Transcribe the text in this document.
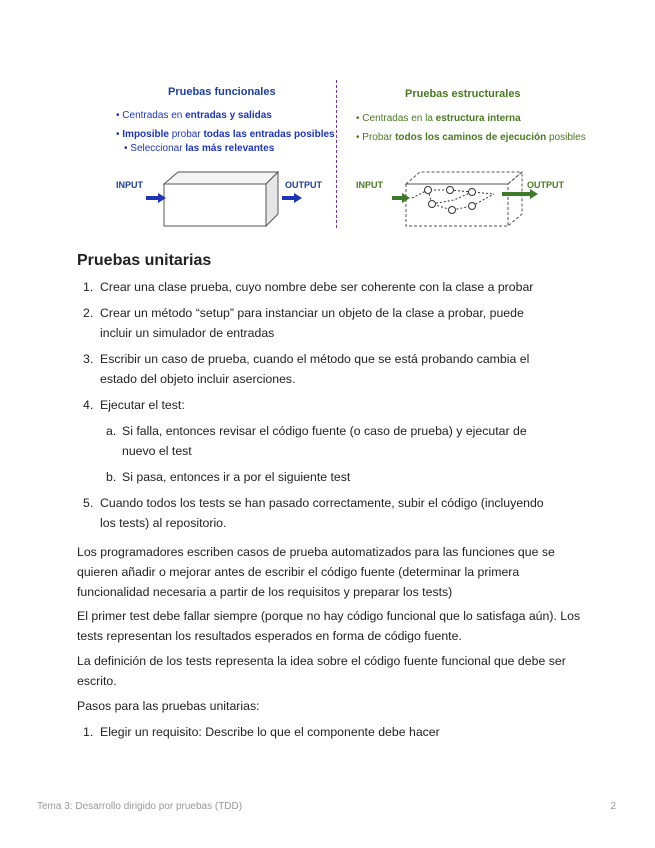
Pruebas funcionales
• Centradas en entradas y salidas
• Imposible probar todas las entradas posibles
• Seleccionar las más relevantes
INPUT	OUTPUT
Pruebas estructurales
• Centradas en la estructura interna
• Probar todos los caminos de ejecución posibles
INPUT	OUTPUT
Pruebas unitarias
1. Crear una clase prueba, cuyo nombre debe ser coherente con la clase a probar
2. Crear un método “setup” para instanciar un objeto de la clase a probar, puede
incluir un simulador de entradas
3. Escribir un caso de prueba, cuando el método que se está probando cambia el
estado del objeto incluir aserciones.
4. Ejecutar el test:
a. Si falla, entonces revisar el código fuente (o caso de prueba) y ejecutar de
nuevo el test
b. Si pasa, entonces ir a por el siguiente test
5. Cuando todos los tests se han pasado correctamente, subir el código (incluyendo
los tests) al repositorio.

Los programadores escriben casos de prueba automatizados para las funciones que se quieren añadir o mejorar antes de escribir el código fuente (determinar la primera funcionalidad necesaria a partir de los requisitos y preparar los tests)

El primer test debe fallar siempre (porque no hay código funcional que lo satisfaga aún). Los tests representan los resultados esperados en forma de código fuente.

La definición de los tests representa la idea sobre el código fuente funcional que debe ser escrito.

Pasos para las pruebas unitarias:

1. Elegir un requisito: Describe lo que el componente debe hacer
Tema 3: Desarrollo dirigido por pruebas (TDD)	2
